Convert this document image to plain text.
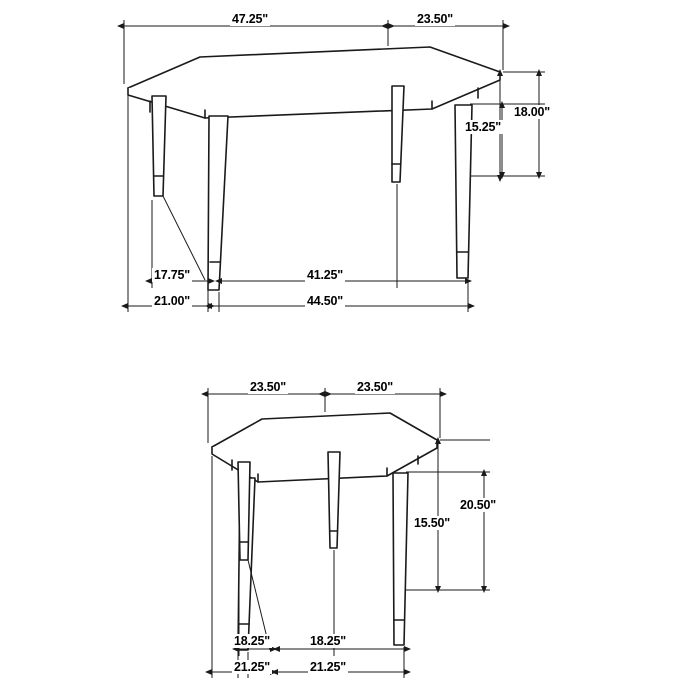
47.25"	23.50"
18.00"
15.25"
17.75"
21.00"
41.25"
44.50"
23.50"	23.50"
20.50"
15.50"
18.25"
21.25"
18.25"
21.25"
